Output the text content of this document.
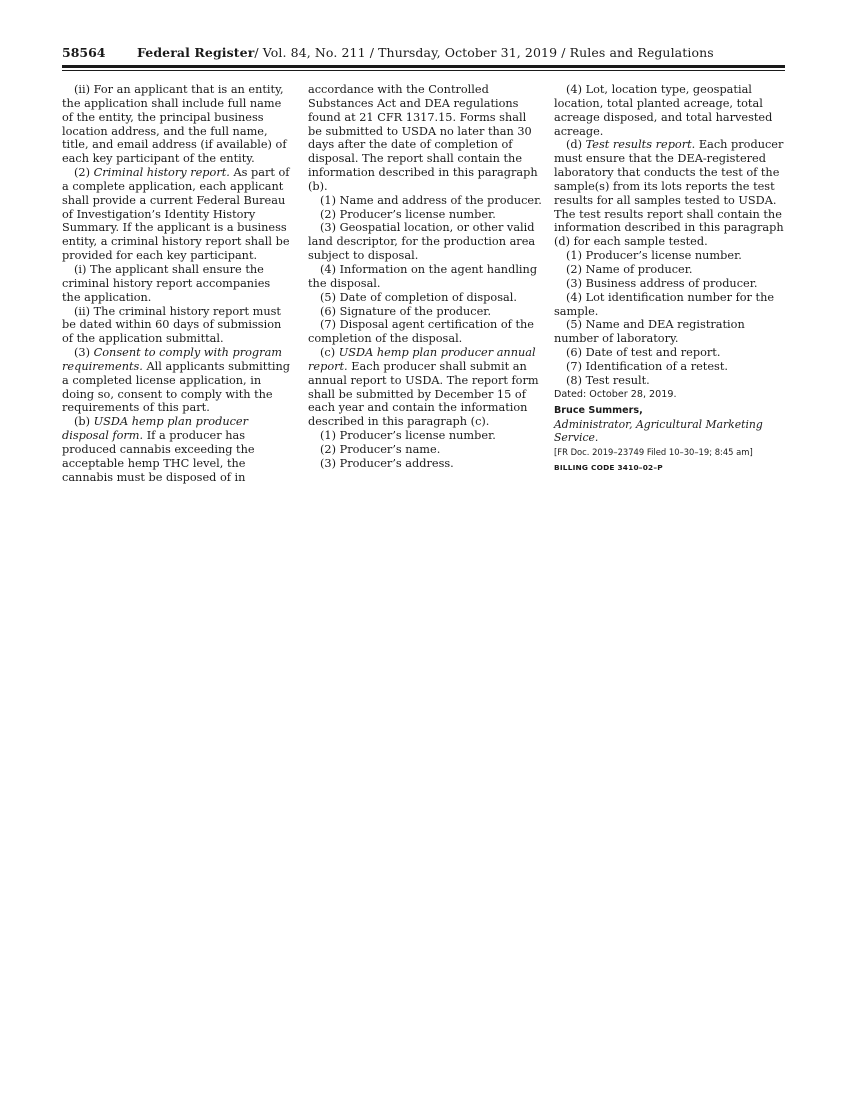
58564	Federal Register/ Vol. 84, No. 211 / Thursday, October 31, 2019 / Rules and Regulations

(ii) For an applicant that is an entity, the application shall include full name of the entity, the principal business location address, and the full name, title, and email address (if available) of each key participant of the entity.

(2) Criminal history report. As part of a complete application, each applicant shall provide a current Federal Bureau of Investigation’s Identity History Summary. If the applicant is a business entity, a criminal history report shall be provided for each key participant.

(i) The applicant shall ensure the criminal history report accompanies the application.

(ii) The criminal history report must be dated within 60 days of submission of the application submittal.

(3) Consent to comply with program requirements. All applicants submitting a completed license application, in doing so, consent to comply with the requirements of this part.

(b) USDA hemp plan producer disposal form. If a producer has produced cannabis exceeding the acceptable hemp THC level, the cannabis must be disposed of in

accordance with the Controlled Substances Act and DEA regulations found at 21 CFR 1317.15. Forms shall be submitted to USDA no later than 30 days after the date of completion of disposal. The report shall contain the information described in this paragraph (b).

(1) Name and address of the producer.

(2) Producer’s license number.

(3) Geospatial location, or other valid land descriptor, for the production area subject to disposal.

(4) Information on the agent handling the disposal.

(5) Date of completion of disposal.

(6) Signature of the producer.

(7) Disposal agent certification of the completion of the disposal.

(c) USDA hemp plan producer annual report. Each producer shall submit an annual report to USDA. The report form shall be submitted by December 15 of each year and contain the information described in this paragraph (c).

(1) Producer’s license number.

(2) Producer’s name.

(3) Producer’s address.

(4) Lot, location type, geospatial location, total planted acreage, total acreage disposed, and total harvested acreage.

(d) Test results report. Each producer must ensure that the DEA-registered laboratory that conducts the test of the sample(s) from its lots reports the test results for all samples tested to USDA. The test results report shall contain the information described in this paragraph (d) for each sample tested.

(1) Producer’s license number.

(2) Name of producer.

(3) Business address of producer.

(4) Lot identification number for the sample.

(5) Name and DEA registration number of laboratory.

(6) Date of test and report.

(7) Identification of a retest.

(8) Test result.

Dated: October 28, 2019.

Bruce Summers,
Administrator, Agricultural Marketing Service.
[FR Doc. 2019–23749 Filed 10–30–19; 8:45 am]
BILLING CODE 3410–02–P
